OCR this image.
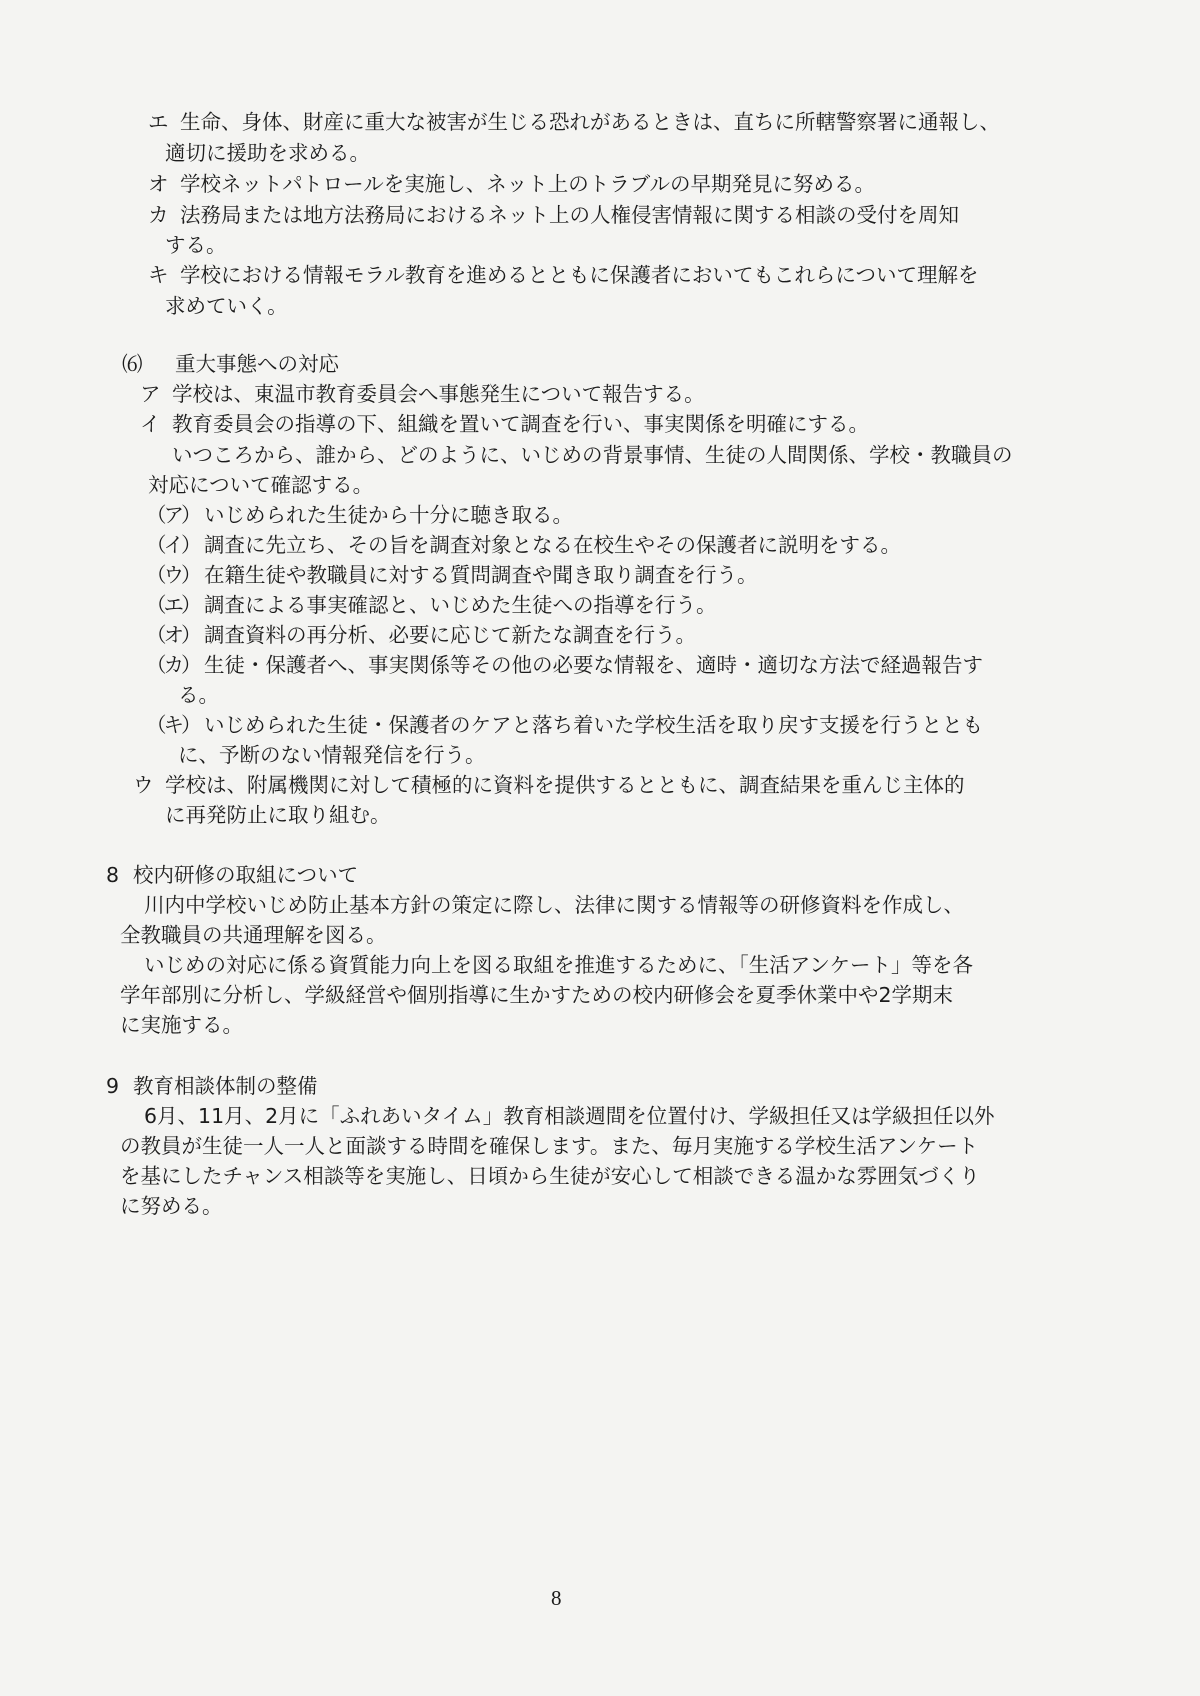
エ 生命、身体、財産に重大な被害が生じる恐れがあるときは、直ちに所轄警察署に通報し、
適切に援助を求める。
オ 学校ネットパトロールを実施し、ネット上のトラブルの早期発見に努める。
カ 法務局または地方法務局におけるネット上の人権侵害情報に関する相談の受付を周知
する。
キ 学校における情報モラル教育を進めるとともに保護者においてもこれらについて理解を
求めていく。
⑹ 重大事態への対応
ア 学校は、東温市教育委員会へ事態発生について報告する。
イ 教育委員会の指導の下、組織を置いて調査を行い、事実関係を明確にする。
いつころから、誰から、どのように、いじめの背景事情、生徒の人間関係、学校・教職員の
対応について確認する。
（ア） いじめられた生徒から十分に聴き取る。
（イ） 調査に先立ち、その旨を調査対象となる在校生やその保護者に説明をする。
（ウ） 在籍生徒や教職員に対する質問調査や聞き取り調査を行う。
（エ） 調査による事実確認と、いじめた生徒への指導を行う。
（オ） 調査資料の再分析、必要に応じて新たな調査を行う。
（カ） 生徒・保護者へ、事実関係等その他の必要な情報を、適時・適切な方法で経過報告す
る。
（キ） いじめられた生徒・保護者のケアと落ち着いた学校生活を取り戻す支援を行うととも
に、予断のない情報発信を行う。
ウ 学校は、附属機関に対して積極的に資料を提供するとともに、調査結果を重んじ主体的
に再発防止に取り組む。
8 校内研修の取組について
川内中学校いじめ防止基本方針の策定に際し、法律に関する情報等の研修資料を作成し、
全教職員の共通理解を図る。
いじめの対応に係る資質能力向上を図る取組を推進するために、「生活アンケート」等を各
学年部別に分析し、学級経営や個別指導に生かすための校内研修会を夏季休業中や2学期末
に実施する。
9 教育相談体制の整備
6月、11月、2月に「ふれあいタイム」教育相談週間を位置付け、学級担任又は学級担任以外
の教員が生徒一人一人と面談する時間を確保します。また、毎月実施する学校生活アンケート
を基にしたチャンス相談等を実施し、日頃から生徒が安心して相談できる温かな雰囲気づくり
に努める。
8
